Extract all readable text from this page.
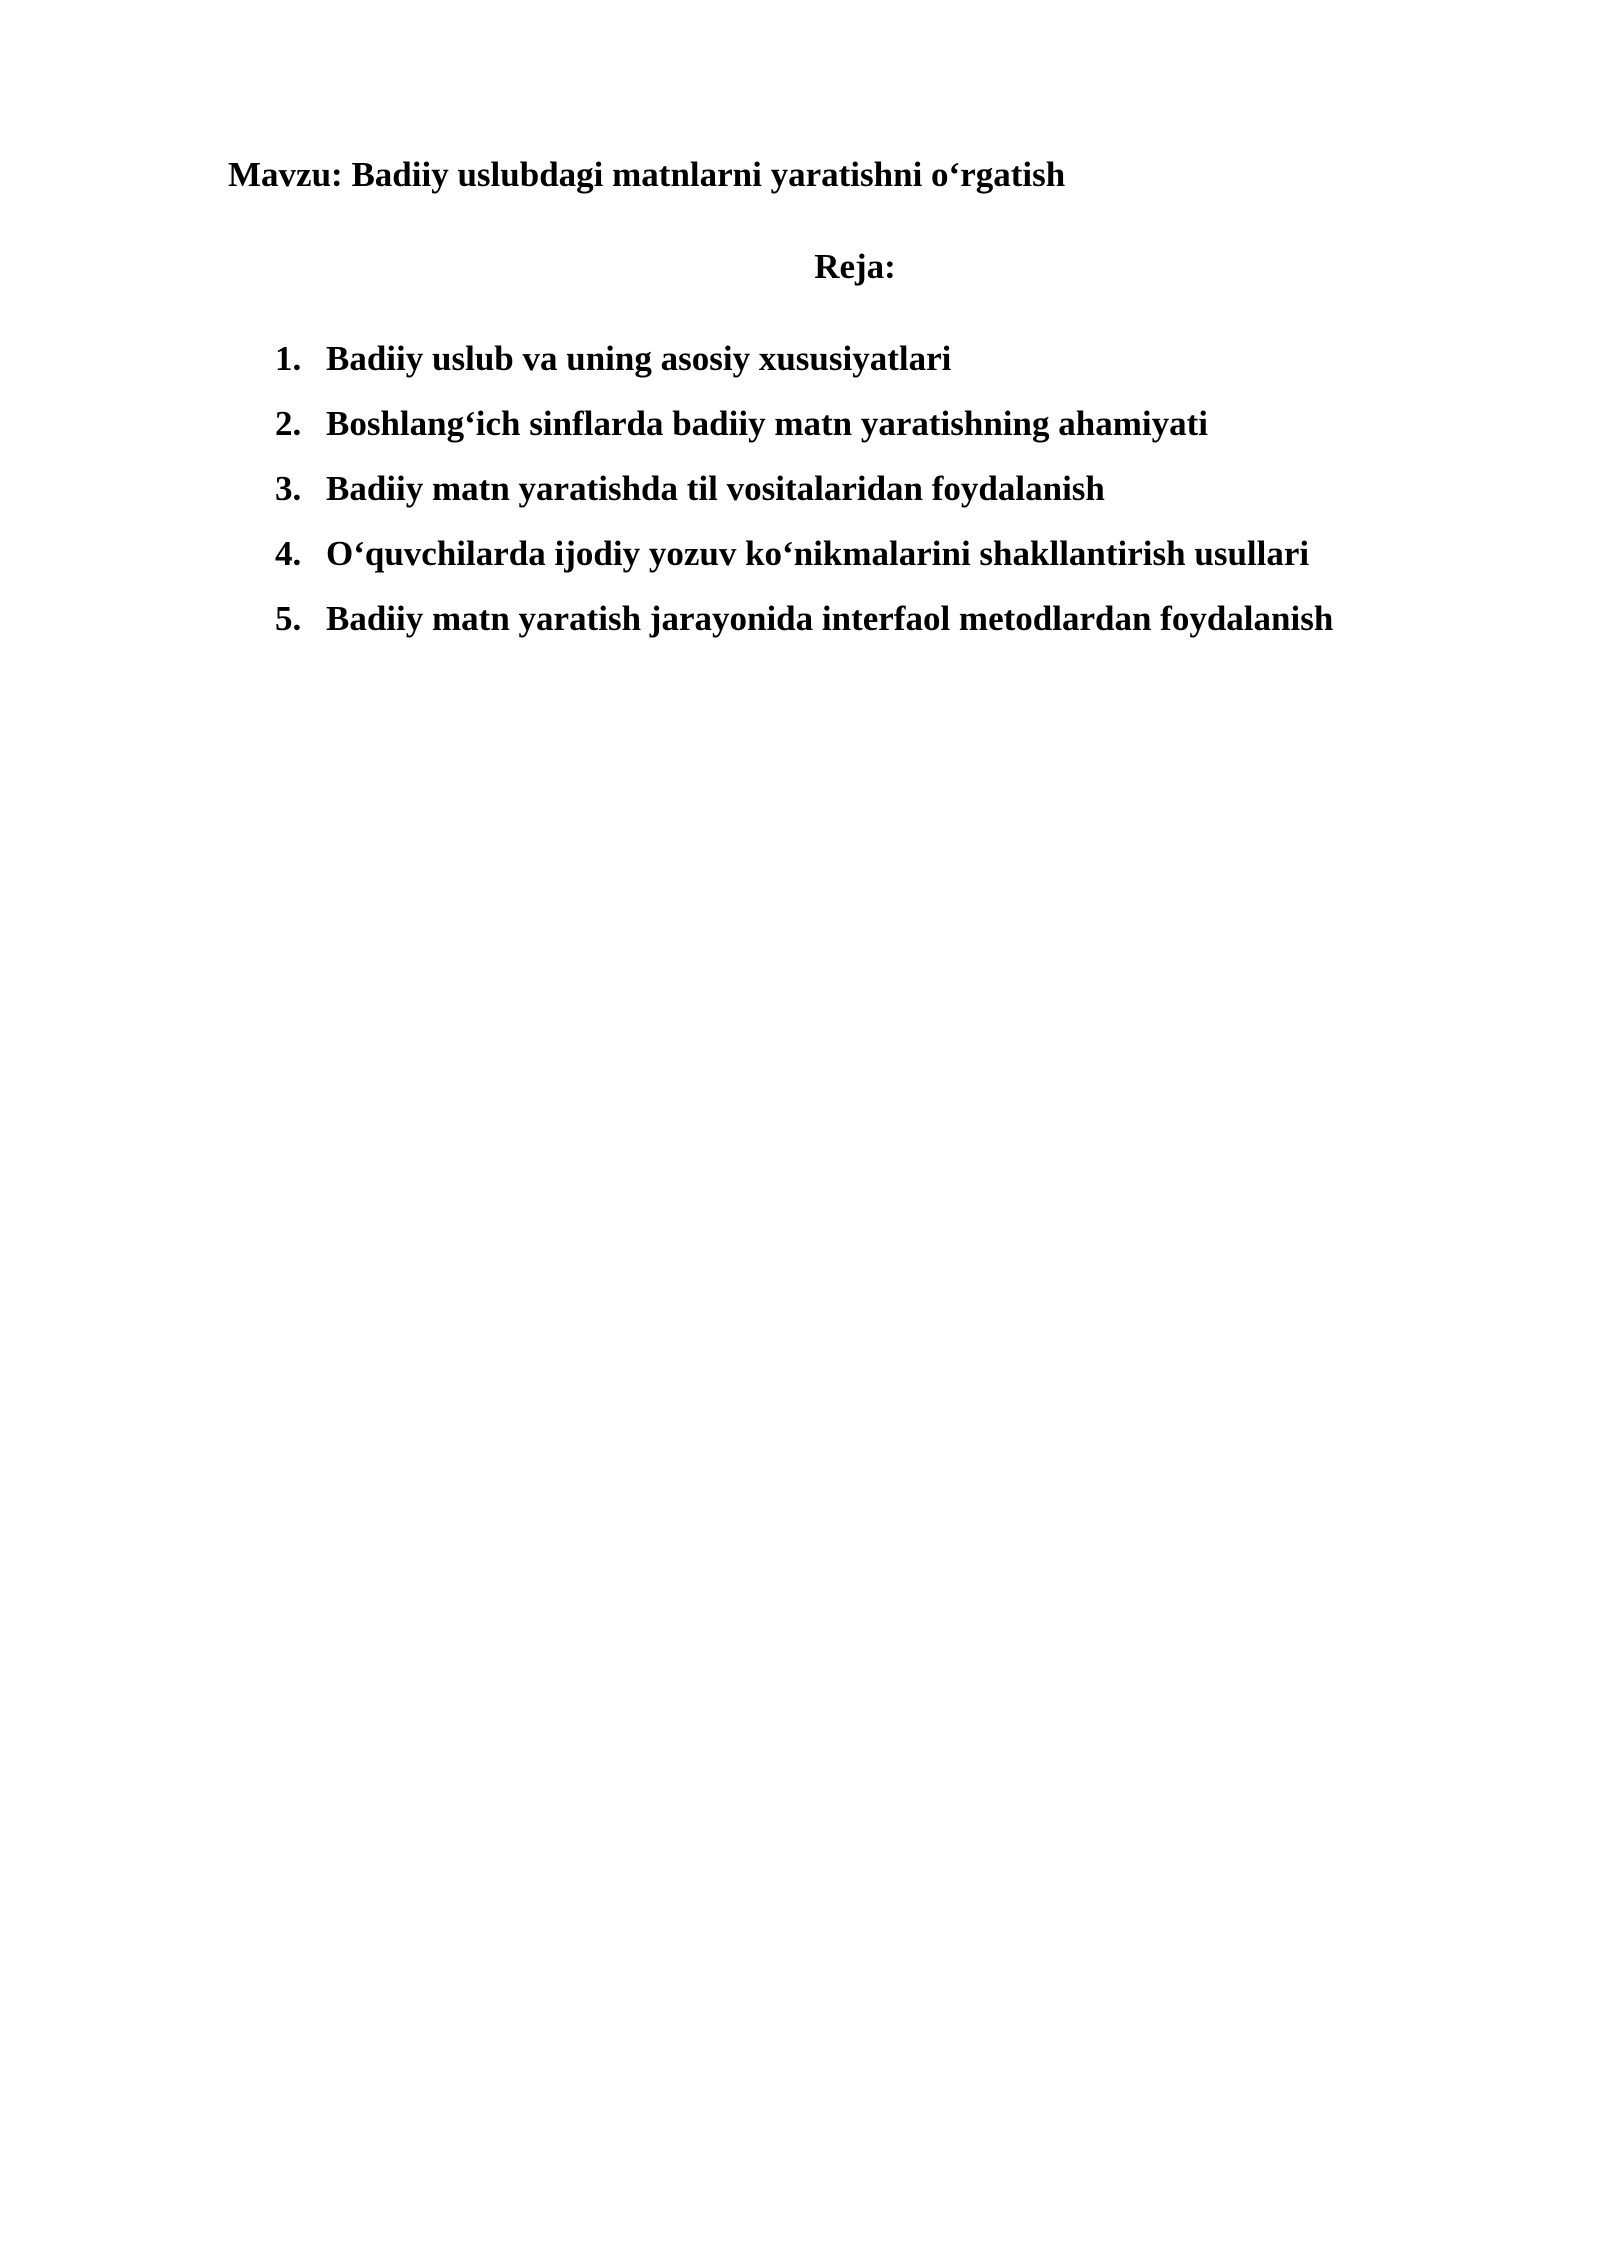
Mavzu: Badiiy uslubdagi matnlarni yaratishni o‘rgatish
Reja:
1. Badiiy uslub va uning asosiy xususiyatlari
2. Boshlang‘ich sinflarda badiiy matn yaratishning ahamiyati
3. Badiiy matn yaratishda til vositalaridan foydalanish
4. O‘quvchilarda ijodiy yozuv ko‘nikmalarini shakllantirish usullari
5. Badiiy matn yaratish jarayonida interfaol metodlardan foydalanish
